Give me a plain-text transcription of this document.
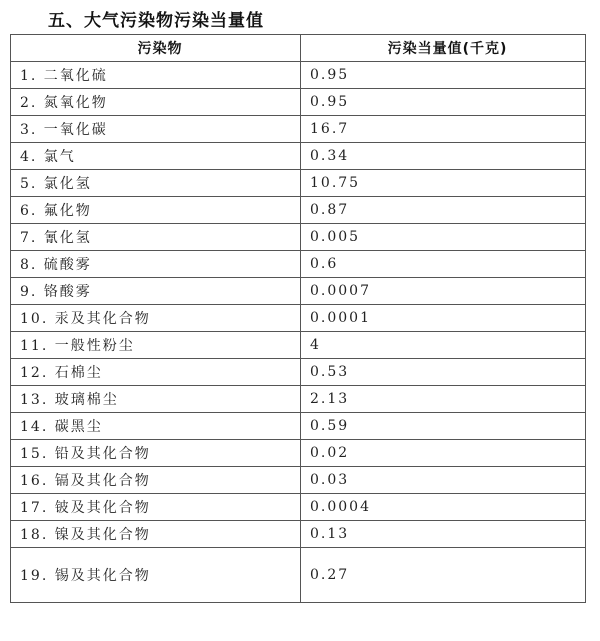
五、大气污染物污染当量值
污染物	污染当量值(千克)
1. 二氧化硫	0.95
2. 氮氧化物	0.95
3. 一氧化碳	16.7
4. 氯气	0.34
5. 氯化氢	10.75
6. 氟化物	0.87
7. 氰化氢	0.005
8. 硫酸雾	0.6
9. 铬酸雾	0.0007
10. 汞及其化合物	0.0001
11. 一般性粉尘	4
12. 石棉尘	0.53
13. 玻璃棉尘	2.13
14. 碳黑尘	0.59
15. 铅及其化合物	0.02
16. 镉及其化合物	0.03
17. 铍及其化合物	0.0004
18. 镍及其化合物	0.13
19. 锡及其化合物	0.27
